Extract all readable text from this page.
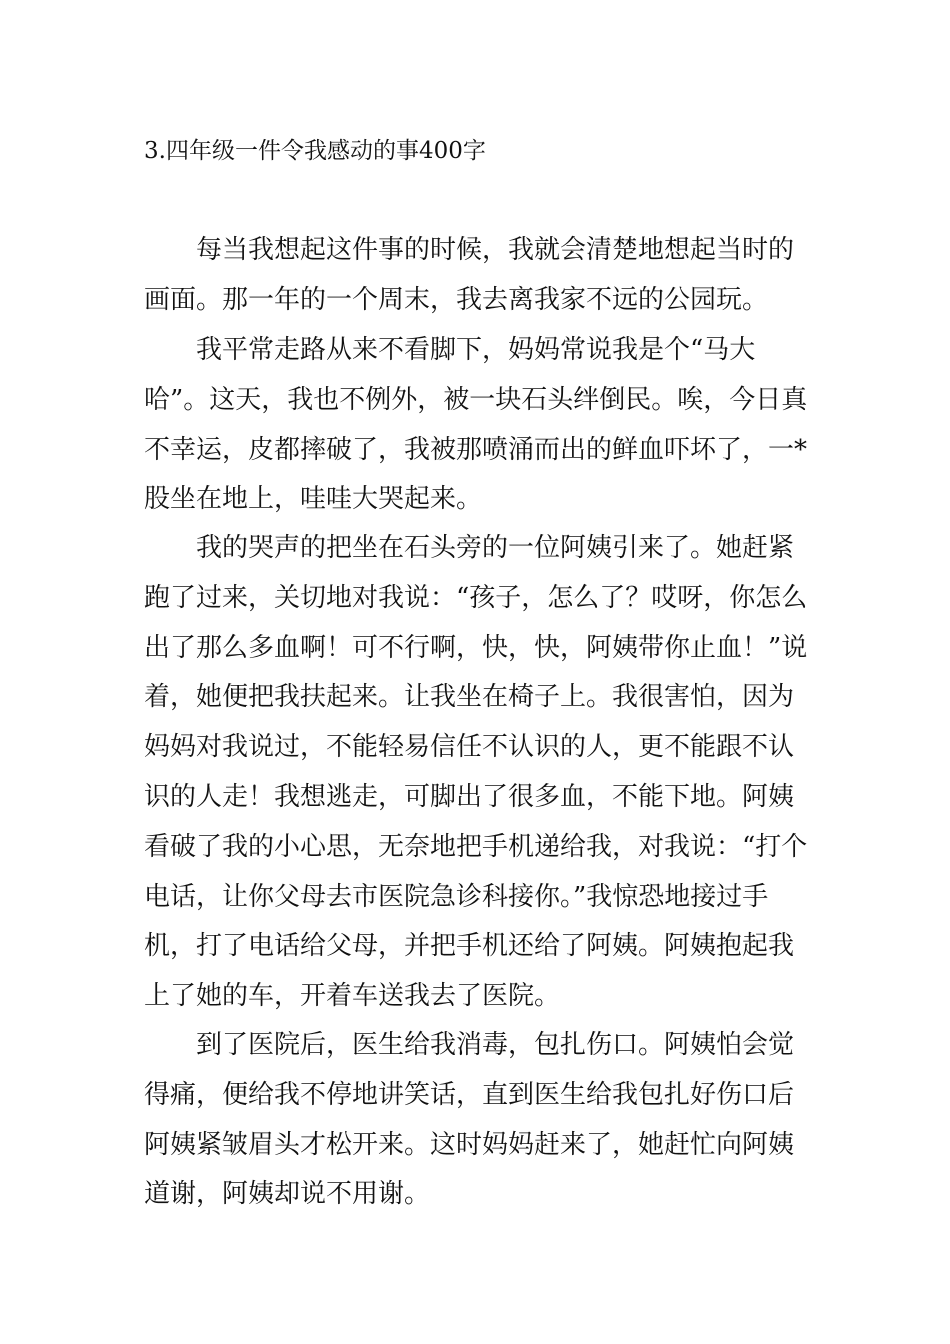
3.四年级一件令我感动的事400字

每当我想起这件事的时候，我就会清楚地想起当时的画面。那一年的一个周末，我去离我家不远的公园玩。

我平常走路从来不看脚下，妈妈常说我是个“马大哈”。这天，我也不例外，被一块石头绊倒民。唉，今日真不幸运，皮都摔破了，我被那喷涌而出的鲜血吓坏了，一* 股坐在地上，哇哇大哭起来。

我的哭声的把坐在石头旁的一位阿姨引来了。她赶紧跑了过来，关切地对我说：“孩子，怎么了？哎呀，你怎么出了那么多血啊！可不行啊，快，快，阿姨带你止血！”说着，她便把我扶起来。让我坐在椅子上。我很害怕，因为妈妈对我说过，不能轻易信任不认识的人，更不能跟不认识的人走！我想逃走，可脚出了很多血，不能下地。阿姨看破了我的小心思，无奈地把手机递给我，对我说：“打个电话，让你父母去市医院急诊科接你。”我惊恐地接过手机，打了电话给父母，并把手机还给了阿姨。阿姨抱起我上了她的车，开着车送我去了医院。

到了医院后，医生给我消毒，包扎伤口。阿姨怕会觉得痛，便给我不停地讲笑话，直到医生给我包扎好伤口后阿姨紧皱眉头才松开来。这时妈妈赶来了，她赶忙向阿姨道谢，阿姨却说不用谢。
